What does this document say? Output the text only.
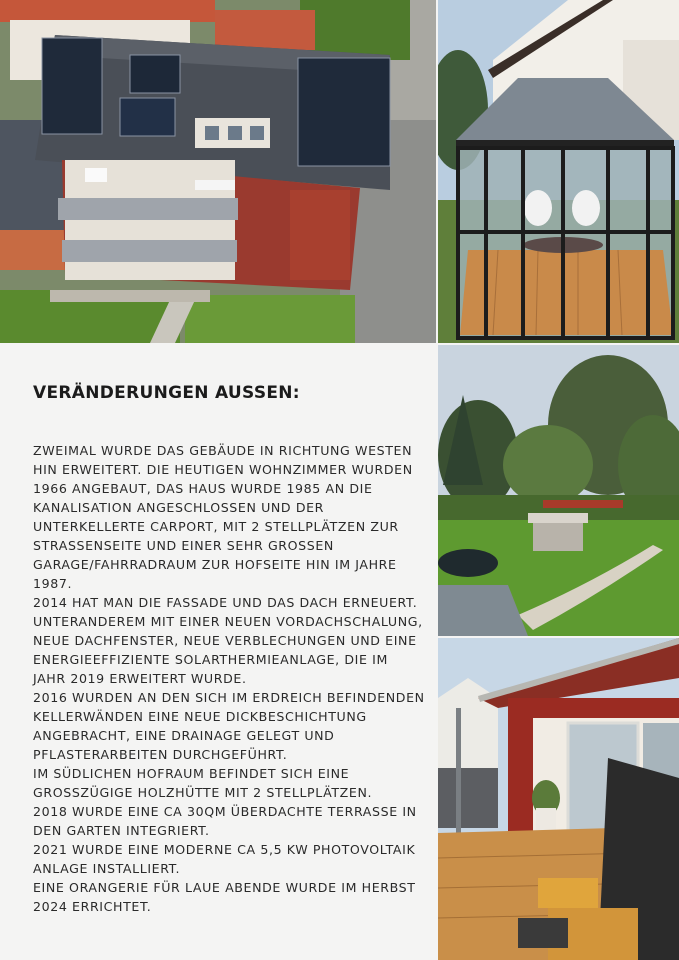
VERÄNDERUNGEN AUSSEN:

ZWEIMAL WURDE DAS GEBÄUDE IN RICHTUNG WESTEN
HIN ERWEITERT. DIE HEUTIGEN WOHNZIMMER WURDEN
1966 ANGEBAUT, DAS HAUS WURDE 1985 AN DIE
KANALISATION ANGESCHLOSSEN UND DER
UNTERKELLERTE CARPORT, MIT 2 STELLPLÄTZEN ZUR
STRASSENSEITE UND EINER SEHR GROSSEN
GARAGE/FAHRRADRAUM ZUR HOFSEITE HIN IM JAHRE
1987.

2014 HAT MAN DIE FASSADE UND DAS DACH ERNEUERT.
UNTERANDEREM MIT EINER NEUEN VORDACHSCHALUNG,
NEUE DACHFENSTER, NEUE VERBLECHUNGEN UND EINE
ENERGIEEFFIZIENTE SOLARTHERMIEANLAGE, DIE IM
JAHR 2019 ERWEITERT WURDE.

2016 WURDEN AN DEN SICH IM ERDREICH BEFINDENDEN
KELLERWÄNDEN EINE NEUE DICKBESCHICHTUNG
ANGEBRACHT, EINE DRAINAGE GELEGT UND
PFLASTERARBEITEN DURCHGEFÜHRT.

IM SÜDLICHEN HOFRAUM BEFINDET SICH EINE
GROSSZÜGIGE HOLZHÜTTE MIT 2 STELLPLÄTZEN.

2018 WURDE EINE CA 30QM ÜBERDACHTE TERRASSE IN
DEN GARTEN INTEGRIERT.

2021 WURDE EINE MODERNE CA 5,5 KW PHOTOVOLTAIK
ANLAGE INSTALLIERT.

EINE ORANGERIE FÜR LAUE ABENDE WURDE IM HERBST
2024 ERRICHTET.
